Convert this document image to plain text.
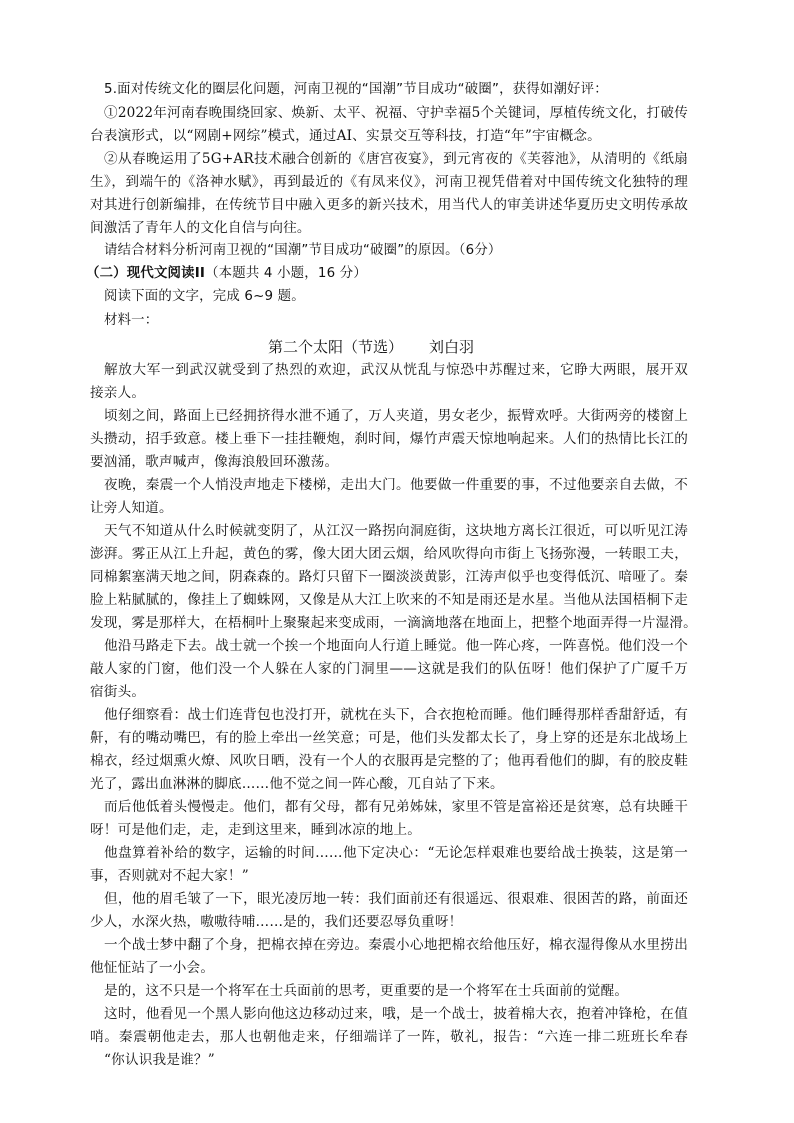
5.面对传统文化的圈层化问题，河南卫视的“国潮”节目成功“破圈”，获得如潮好评：
①2022年河南春晚围绕回家、焕新、太平、祝福、守护幸福5个关键词，厚植传统文化，打破传
台表演形式，以“网剧+网综”模式，通过AI、实景交互等科技，打造“年”宇宙概念。
②从春晚运用了5G+AR技术融合创新的《唐宫夜宴》，到元宵夜的《芙蓉池》，从清明的《纸扇
生》，到端午的《洛神水赋》，再到最近的《有凤来仪》，河南卫视凭借着对中国传统文化独特的理
对其进行创新编排，在传统节目中融入更多的新兴技术，用当代人的审美讲述华夏历史文明传承故
间激活了青年人的文化自信与向往。
请结合材料分析河南卫视的“国潮”节目成功“破圈”的原因。（6分）
（二）现代文阅读II（本题共 4 小题，16 分）
阅读下面的文字，完成 6~9 题。
材料一：
第二个太阳（节选） 刘白羽
解放大军一到武汉就受到了热烈的欢迎，武汉从恍乱与惊恐中苏醒过来，它睁大两眼，展开双
接亲人。
顷刻之间，路面上已经拥挤得水泄不通了，万人夹道，男女老少，振臂欢呼。大街两旁的楼窗上
头攒动，招手致意。楼上垂下一挂挂鞭炮，刹时间，爆竹声震天惊地响起来。人们的热情比长江的
要汹涌，歌声喊声，像海浪般回环激荡。
夜晚，秦震一个人悄没声地走下楼梯，走出大门。他要做一件重要的事，不过他要亲自去做，不
让旁人知道。
天气不知道从什么时候就变阴了，从江汉一路拐向洞庭街，这块地方离长江很近，可以听见江涛
澎湃。雾正从江上升起，黄色的雾，像大团大团云烟，给风吹得向市街上飞扬弥漫，一转眼工夫，
同棉絮塞满天地之间，阴森森的。路灯只留下一圈淡淡黄影，江涛声似乎也变得低沉、喑哑了。秦
脸上粘腻腻的，像挂上了蜘蛛网，又像是从大江上吹来的不知是雨还是水星。当他从法国梧桐下走
发现，雾是那样大，在梧桐叶上聚聚起来变成雨，一滴滴地落在地面上，把整个地面弄得一片湿滑。
他沿马路走下去。战士就一个挨一个地面向人行道上睡觉。他一阵心疼，一阵喜悦。他们没一个
敲人家的门窗，他们没一个人躲在人家的门洞里——这就是我们的队伍呀！他们保护了广厦千万
宿街头。
他仔细察看：战士们连背包也没打开，就枕在头下，合衣抱枪而睡。他们睡得那样香甜舒适，有
鼾，有的嘴动嘴巴，有的脸上牵出一丝笑意；可是，他们头发都太长了，身上穿的还是东北战场上
棉衣，经过烟熏火燎、风吹日晒，没有一个人的衣服再是完整的了；他再看他们的脚，有的胶皮鞋
光了，露出血淋淋的脚底……他不觉之间一阵心酸，兀自站了下来。
而后他低着头慢慢走。他们，都有父母，都有兄弟姊妹，家里不管是富裕还是贫寒，总有块睡干
呀！可是他们走，走，走到这里来，睡到冰凉的地上。
他盘算着补给的数字，运输的时间……他下定决心：“无论怎样艰难也要给战士换装，这是第一
事，否则就对不起大家！”
但，他的眉毛皱了一下，眼光凌厉地一转：我们面前还有很遥远、很艰难、很困苦的路，前面还
少人，水深火热，嗷嗷待哺……是的，我们还要忍辱负重呀！
一个战士梦中翻了个身，把棉衣掉在旁边。秦震小心地把棉衣给他压好，棉衣湿得像从水里捞出
他怔怔站了一小会。
是的，这不只是一个将军在士兵面前的思考，更重要的是一个将军在士兵面前的觉醒。
这时，他看见一个黑人影向他这边移动过来，哦，是一个战士，披着棉大衣，抱着冲锋枪，在值
哨。秦震朝他走去，那人也朝他走来，仔细端详了一阵，敬礼，报告：“六连一排二班班长牟春
“你认识我是谁？”
